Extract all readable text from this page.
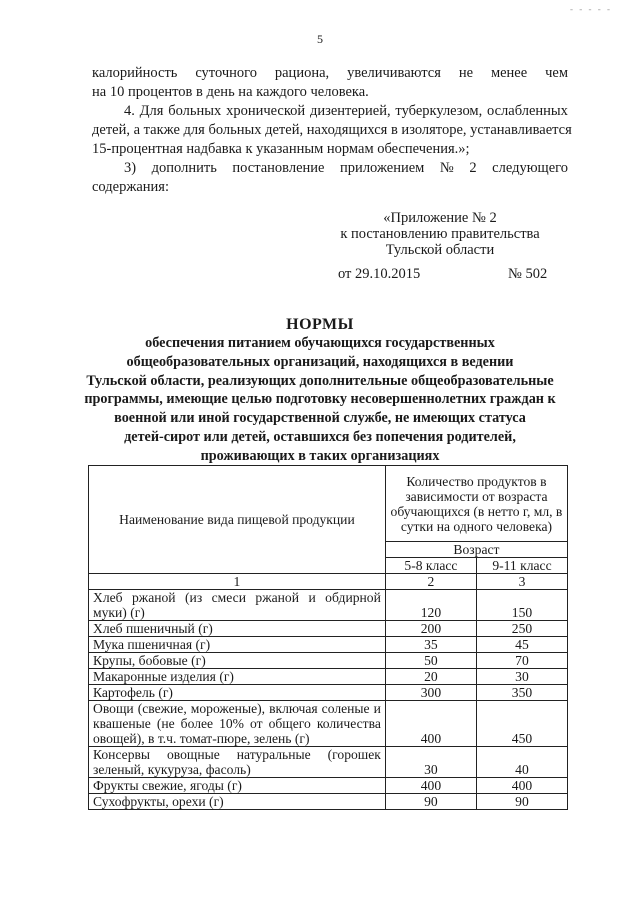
- - - - -
5
калорийность суточного рациона, увеличиваются не менее чем
на 10 процентов в день на каждого человека.
4. Для больных хронической дизентерией, туберкулезом, ослабленных
детей, а также для больных детей, находящихся в изоляторе, устанавливается
15-процентная надбавка к указанным нормам обеспечения.»;
3) дополнить постановление приложением № 2 следующего
содержания:
«Приложение № 2
к постановлению правительства
Тульской области
от 29.10.2015	№ 502
НОРМЫ
обеспечения питанием обучающихся государственных
общеобразовательных организаций, находящихся в ведении
Тульской области, реализующих дополнительные общеобразовательные
программы, имеющие целью подготовку несовершеннолетних граждан к
военной или иной государственной службе, не имеющих статуса
детей-сирот или детей, оставшихся без попечения родителей,
проживающих в таких организациях
Наименование вида пищевой продукции	Количество продуктов в зависимости от возраста обучающихся (в нетто г, мл, в сутки на одного человека)	
	Возраст	
	5-8 класс	9-11 класс
1	2	3
Хлеб ржаной (из смеси ржаной и обдирной муки) (г)	120	150
Хлеб пшеничный (г)	200	250
Мука пшеничная (г)	35	45
Крупы, бобовые (г)	50	70
Макаронные изделия (г)	20	30
Картофель (г)	300	350
Овощи (свежие, мороженые), включая соленые и квашеные (не более 10% от общего количества овощей), в т.ч. томат-пюре, зелень (г)	400	450
Консервы овощные натуральные (горошек зеленый, кукуруза, фасоль)	30	40
Фрукты свежие, ягоды (г)	400	400
Сухофрукты, орехи (г)	90	90
